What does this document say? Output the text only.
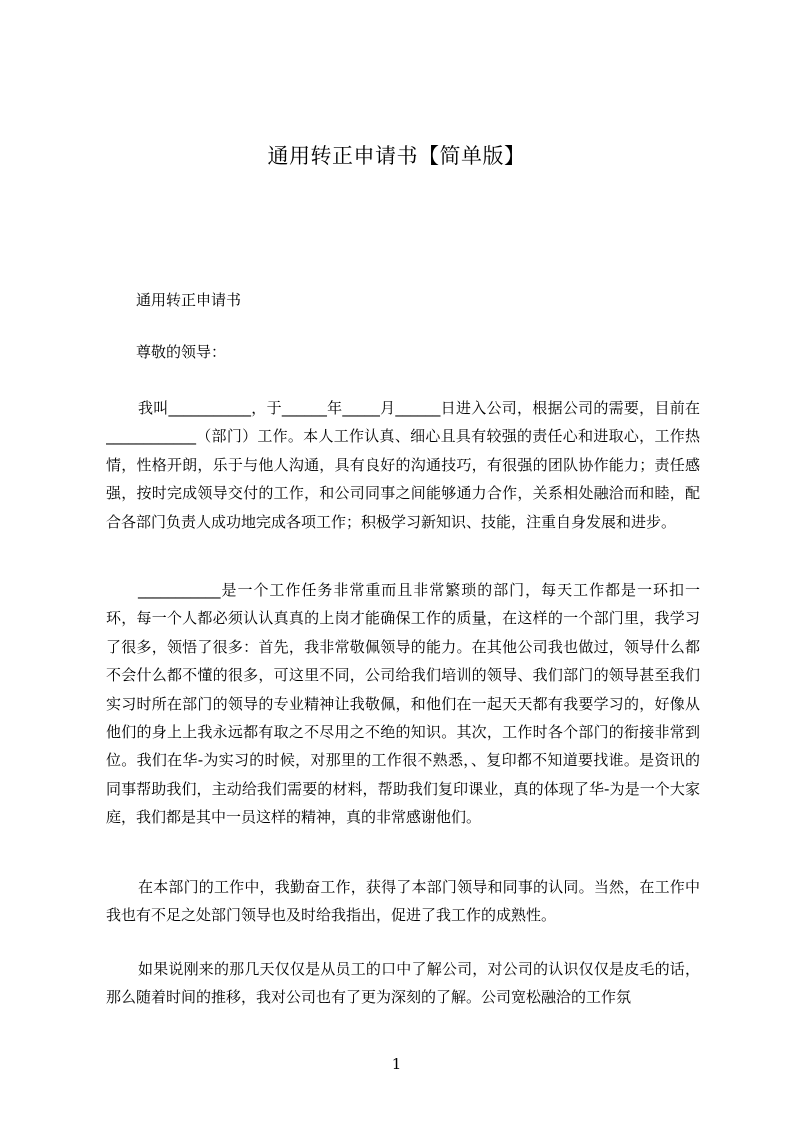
通用转正申请书【简单版】

通用转正申请书

尊敬的领导：

我叫___________，于______年_____月______日进入公司，根据公司的需要，目前在____________（部门）工作。本人工作认真、细心且具有较强的责任心和进取心，工作热情，性格开朗，乐于与他人沟通，具有良好的沟通技巧，有很强的团队协作能力；责任感强，按时完成领导交付的工作，和公司同事之间能够通力合作，关系相处融洽而和睦，配合各部门负责人成功地完成各项工作；积极学习新知识、技能，注重自身发展和进步。

___________是一个工作任务非常重而且非常繁琐的部门，每天工作都是一环扣一环，每一个人都必须认认真真的上岗才能确保工作的质量，在这样的一个部门里，我学习了很多，领悟了很多：首先，我非常敬佩领导的能力。在其他公司我也做过，领导什么都不会什么都不懂的很多，可这里不同，公司给我们培训的领导、我们部门的领导甚至我们实习时所在部门的领导的专业精神让我敬佩，和他们在一起天天都有我要学习的，好像从他们的身上上我永远都有取之不尽用之不绝的知识。其次，工作时各个部门的衔接非常到位。我们在华-为实习的时候，对那里的工作很不熟悉，、复印都不知道要找谁。是资讯的同事帮助我们，主动给我们需要的材料，帮助我们复印课业，真的体现了华-为是一个大家庭，我们都是其中一员这样的精神，真的非常感谢他们。

在本部门的工作中，我勤奋工作，获得了本部门领导和同事的认同。当然，在工作中我也有不足之处部门领导也及时给我指出，促进了我工作的成熟性。

如果说刚来的那几天仅仅是从员工的口中了解公司，对公司的认识仅仅是皮毛的话，那么随着时间的推移，我对公司也有了更为深刻的了解。公司宽松融洽的工作氛

1
